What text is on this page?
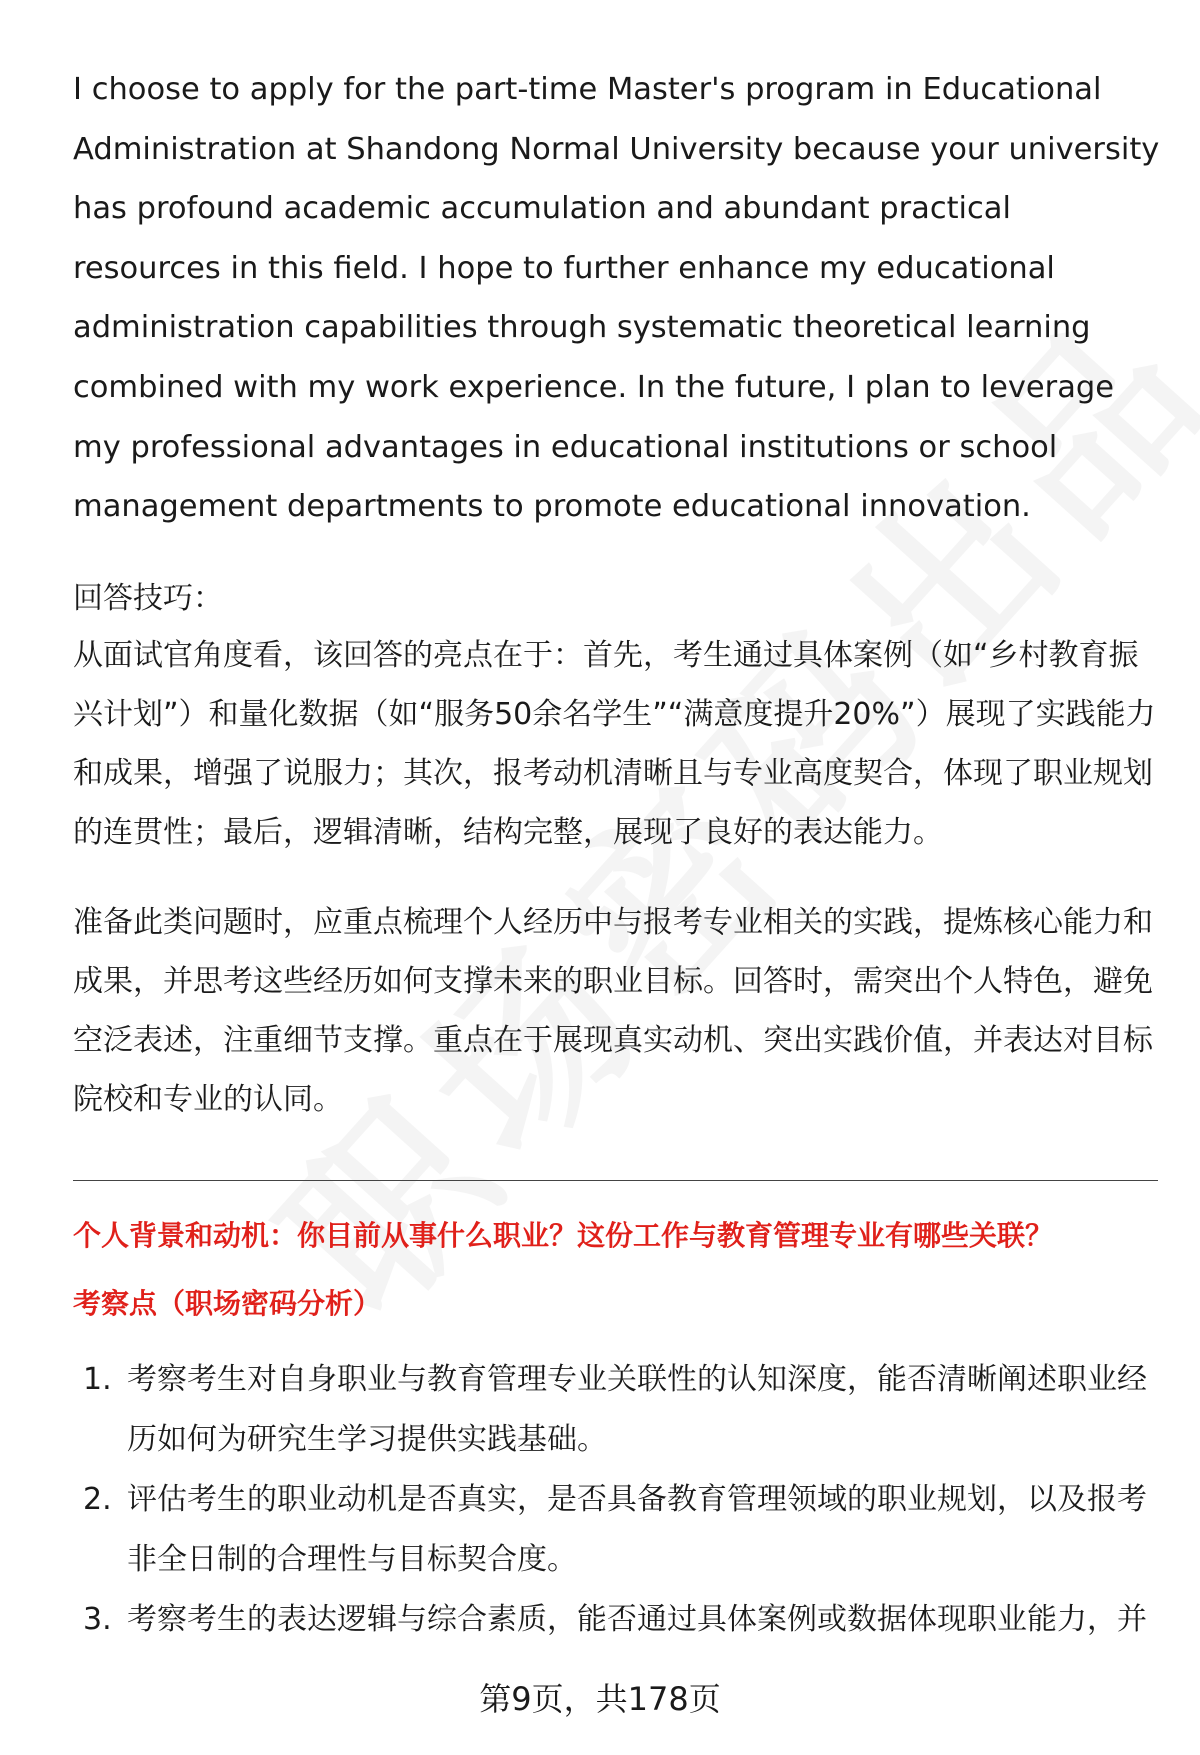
I choose to apply for the part-time Master's program in Educational Administration at Shandong Normal University because your university has profound academic accumulation and abundant practical resources in this field. I hope to further enhance my educational administration capabilities through systematic theoretical learning combined with my work experience. In the future, I plan to leverage my professional advantages in educational institutions or school management departments to promote educational innovation.

回答技巧：

从面试官角度看，该回答的亮点在于：首先，考生通过具体案例（如“乡村教育振兴计划”）和量化数据（如“服务50余名学生”“满意度提升20%”）展现了实践能力和成果，增强了说服力；其次，报考动机清晰且与专业高度契合，体现了职业规划的连贯性；最后，逻辑清晰，结构完整，展现了良好的表达能力。

准备此类问题时，应重点梳理个人经历中与报考专业相关的实践，提炼核心能力和成果，并思考这些经历如何支撑未来的职业目标。回答时，需突出个人特色，避免空泛表述，注重细节支撑。重点在于展现真实动机、突出实践价值，并表达对目标院校和专业的认同。

个人背景和动机：你目前从事什么职业？这份工作与教育管理专业有哪些关联？

考察点（职场密码分析）

1. 考察考生对自身职业与教育管理专业关联性的认知深度，能否清晰阐述职业经历如何为研究生学习提供实践基础。
2. 评估考生的职业动机是否真实，是否具备教育管理领域的职业规划，以及报考非全日制的合理性与目标契合度。
3. 考察考生的表达逻辑与综合素质，能否通过具体案例或数据体现职业能力，并
第9页，共178页
